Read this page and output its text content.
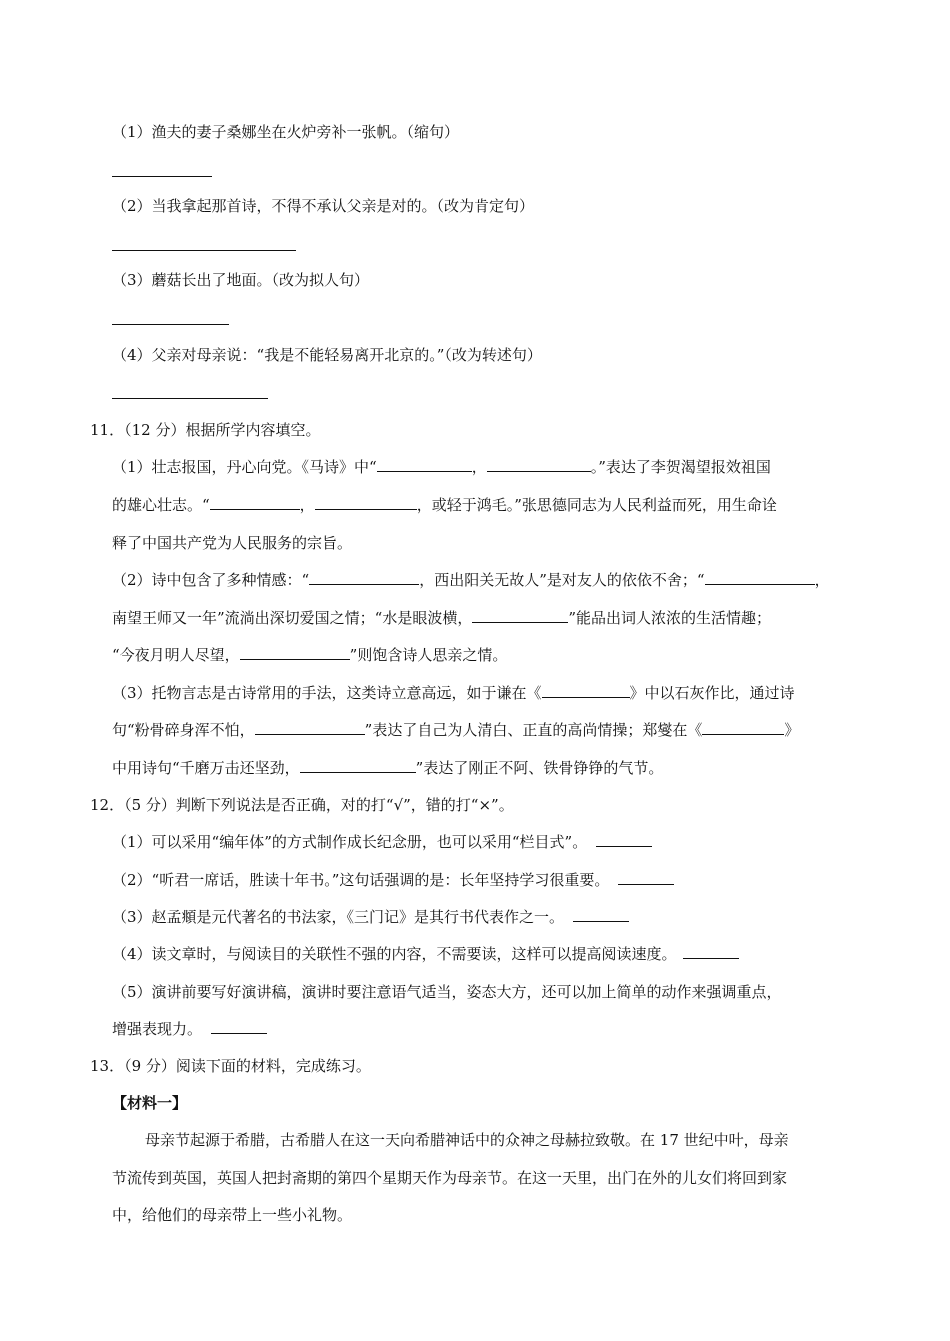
（1）渔夫的妻子桑娜坐在火炉旁补一张帆。（缩句）
（2）当我拿起那首诗，不得不承认父亲是对的。（改为肯定句）
（3）蘑菇长出了地面。（改为拟人句）
（4）父亲对母亲说：“我是不能轻易离开北京的。”（改为转述句）
11．（12 分）根据所学内容填空。
（1）壮志报国，丹心向党。《马诗》中“	，	。”表达了李贺渴望报效祖国
的雄心壮志。“	，	，或轻于鸿毛。”张思德同志为人民利益而死，用生命诠
释了中国共产党为人民服务的宗旨。
（2）诗中包含了多种情感：“	，西出阳关无故人”是对友人的依依不舍；“	，
南望王师又一年”流淌出深切爱国之情；“水是眼波横，	”能品出词人浓浓的生活情趣；
“今夜月明人尽望，	”则饱含诗人思亲之情。
（3）托物言志是古诗常用的手法，这类诗立意高远，如于谦在《	》中以石灰作比，通过诗
句“粉骨碎身浑不怕，	”表达了自己为人清白、正直的高尚情操；郑燮在《	》
中用诗句“千磨万击还坚劲，	”表达了刚正不阿、铁骨铮铮的气节。
12．（5 分）判断下列说法是否正确，对的打“√”，错的打“×”。
（1）可以采用“编年体”的方式制作成长纪念册，也可以采用“栏目式”。
（2）“听君一席话，胜读十年书。”这句话强调的是：长年坚持学习很重要。
（3）赵孟頫是元代著名的书法家，《三门记》是其行书代表作之一。
（4）读文章时，与阅读目的关联性不强的内容，不需要读，这样可以提高阅读速度。
（5）演讲前要写好演讲稿，演讲时要注意语气适当，姿态大方，还可以加上简单的动作来强调重点，
增强表现力。
13．（9 分）阅读下面的材料，完成练习。
【材料一】
母亲节起源于希腊，古希腊人在这一天向希腊神话中的众神之母赫拉致敬。在 17 世纪中叶，母亲
节流传到英国，英国人把封斋期的第四个星期天作为母亲节。在这一天里，出门在外的儿女们将回到家
中，给他们的母亲带上一些小礼物。
